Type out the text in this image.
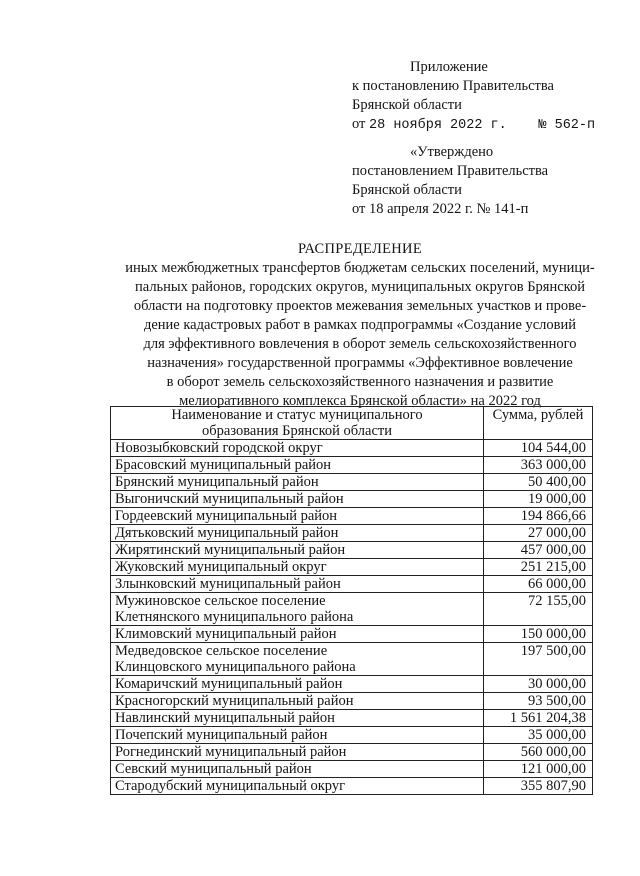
Приложение
к постановлению Правительства
Брянской области
от 28 ноября 2022 г. № 562-п
«Утверждено
постановлением Правительства
Брянской области
от 18 апреля 2022 г. № 141-п
РАСПРЕДЕЛЕНИЕ
иных межбюджетных трансфертов бюджетам сельских поселений, муници-
пальных районов, городских округов, муниципальных округов Брянской
области на подготовку проектов межевания земельных участков и прове-
дение кадастровых работ в рамках подпрограммы «Создание условий
для эффективного вовлечения в оборот земель сельскохозяйственного
назначения» государственной программы «Эффективное вовлечение
в оборот земель сельскохозяйственного назначения и развитие
мелиоративного комплекса Брянской области» на 2022 год
Наименование и статус муниципального
образования Брянской области	Сумма, рублей
Новозыбковский городской округ	104 544,00
Брасовский муниципальный район	363 000,00
Брянский муниципальный район	50 400,00
Выгоничский муниципальный район	19 000,00
Гордеевский муниципальный район	194 866,66
Дятьковский муниципальный район	27 000,00
Жирятинский муниципальный район	457 000,00
Жуковский муниципальный округ	251 215,00
Злынковский муниципальный район	66 000,00

Мужиновское сельское поселение
Клетнянского муниципального района	72 155,00
Климовский муниципальный район	150 000,00

Медведовское сельское поселение
Клинцовского муниципального района	197 500,00
Комаричский муниципальный район	30 000,00
Красногорский муниципальный район	93 500,00
Навлинский муниципальный район	1 561 204,38
Почепский муниципальный район	35 000,00
Рогнединский муниципальный район	560 000,00
Севский муниципальный район	121 000,00
Стародубский муниципальный округ	355 807,90
